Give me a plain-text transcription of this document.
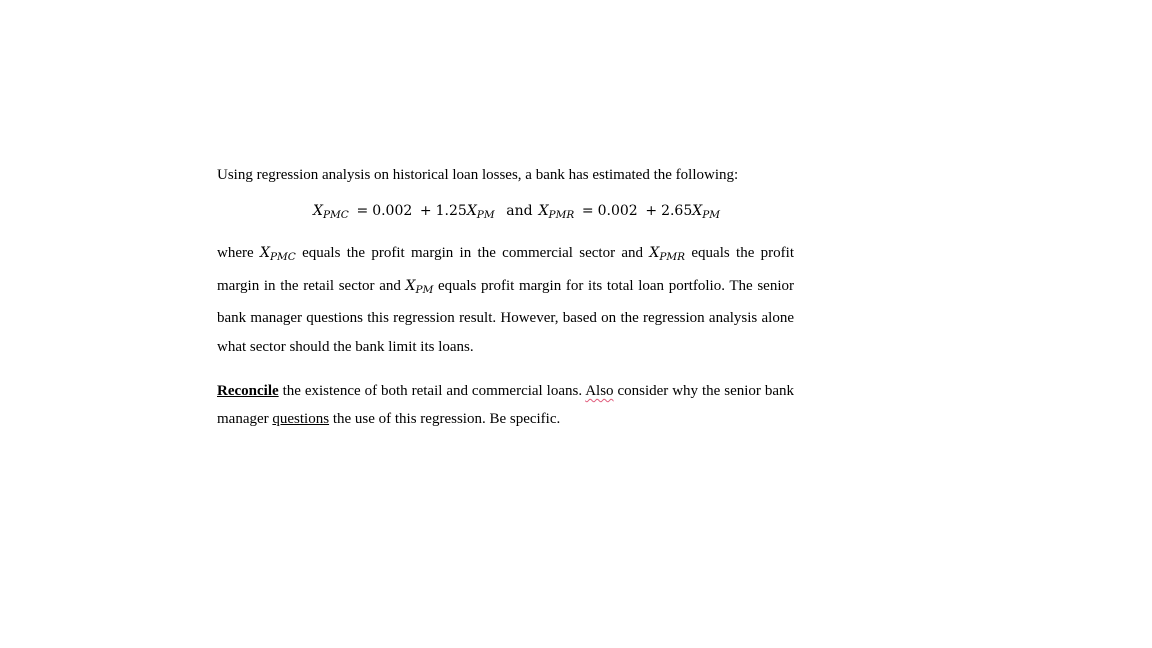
Using regression analysis on historical loan losses, a bank has estimated the following:

$X_{PMC} = 0.002 + 1.25X_{PM}$ and $X_{PMR} = 0.002 + 2.65X_{PM}$

where $X_{PMC}$ equals the profit margin in the commercial sector and $X_{PMR}$ equals the profit margin in the retail sector and $X_{PM}$ equals profit margin for its total loan portfolio. The senior bank manager questions this regression result. However, based on the regression analysis alone what sector should the bank limit its loans.

Reconcile the existence of both retail and commercial loans. Also consider why the senior bank manager questions the use of this regression. Be specific.
